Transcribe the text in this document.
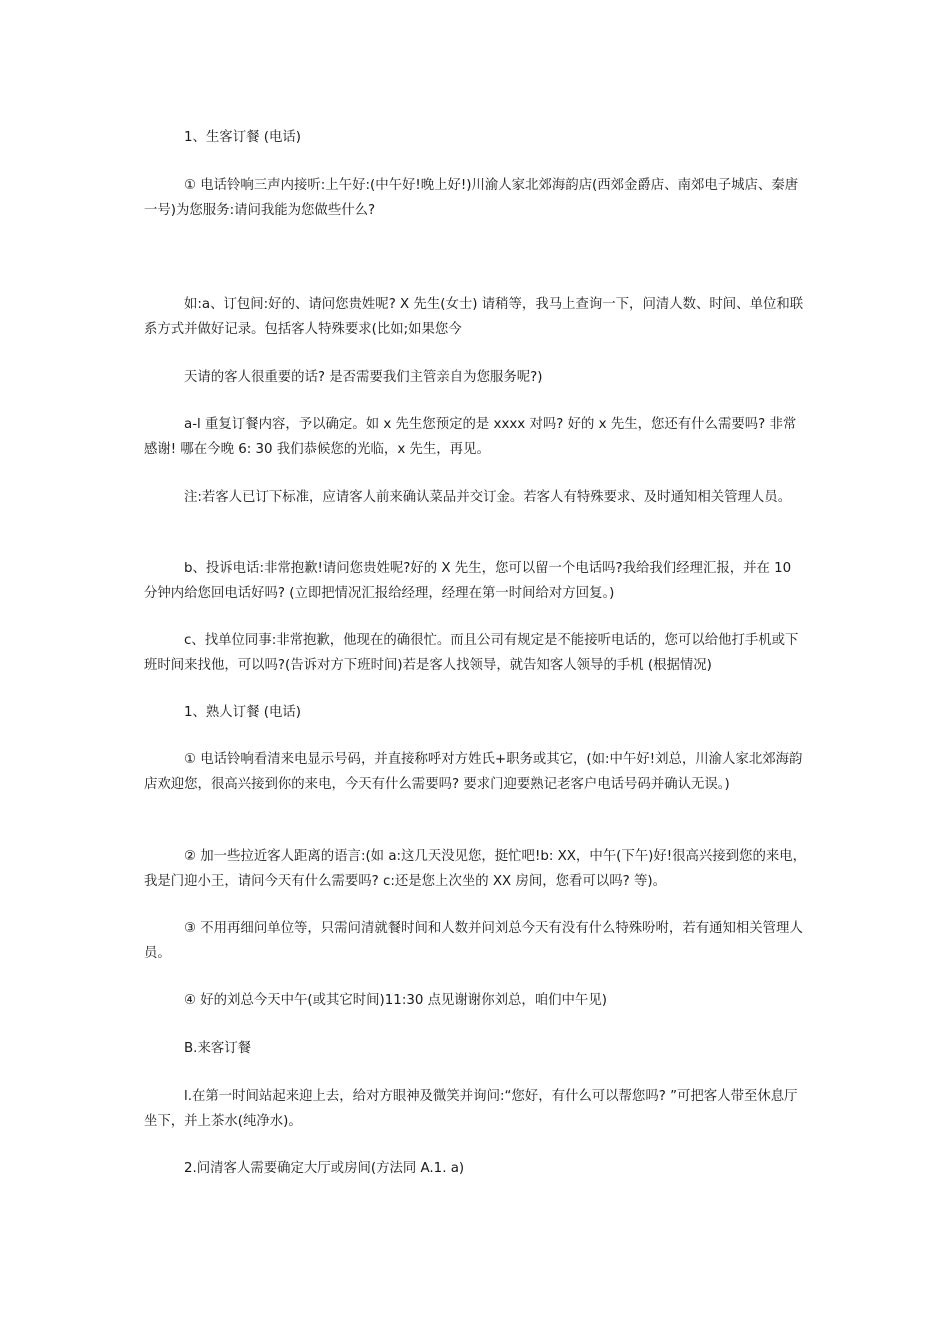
1、生客订餐 (电话)

① 电话铃响三声内接听:上午好:(中午好!晚上好!)川渝人家北郊海韵店(西郊金爵店、南郊电子城店、秦唐一号)为您服务:请问我能为您做些什么?

如:a、订包间:好的、请问您贵姓呢? X 先生(女士) 请稍等，我马上查询一下，问清人数、时间、单位和联系方式并做好记录。包括客人特殊要求(比如;如果您今

天请的客人很重要的话? 是否需要我们主管亲自为您服务呢?)

a-l 重复订餐内容，予以确定。如 x 先生您预定的是 xxxx 对吗? 好的 x 先生，您还有什么需要吗? 非常感谢! 哪在今晚 6: 30 我们恭候您的光临，x 先生，再见。

注:若客人已订下标准，应请客人前来确认菜品并交订金。若客人有特殊要求、及时通知相关管理人员。

b、投诉电话:非常抱歉!请问您贵姓呢?好的 X 先生，您可以留一个电话吗?我给我们经理汇报，并在 10 分钟内给您回电话好吗? (立即把情况汇报给经理，经理在第一时间给对方回复。)

c、找单位同事:非常抱歉，他现在的确很忙。而且公司有规定是不能接听电话的，您可以给他打手机或下班时间来找他，可以吗?(告诉对方下班时间)若是客人找领导，就告知客人领导的手机 (根据情况)

1、熟人订餐 (电话)

① 电话铃响看清来电显示号码，并直接称呼对方姓氏+职务或其它，(如:中午好!刘总，川渝人家北郊海韵店欢迎您，很高兴接到你的来电，今天有什么需要吗? 要求门迎要熟记老客户电话号码并确认无误。)

② 加一些拉近客人距离的语言:(如 a:这几天没见您，挺忙吧!b: XX，中午(下午)好!很高兴接到您的来电，我是门迎小王，请问今天有什么需要吗? c:还是您上次坐的 XX 房间，您看可以吗? 等)。

③ 不用再细问单位等，只需问清就餐时间和人数并问刘总今天有没有什么特殊吩咐，若有通知相关管理人员。

④ 好的刘总今天中午(或其它时间)11:30 点见谢谢你刘总，咱们中午见)

B.来客订餐

l.在第一时间站起来迎上去，给对方眼神及微笑并询问:“您好，有什么可以帮您吗? ”可把客人带至休息厅坐下，并上茶水(纯净水)。

2.问清客人需要确定大厅或房间(方法同 A.1. a)
